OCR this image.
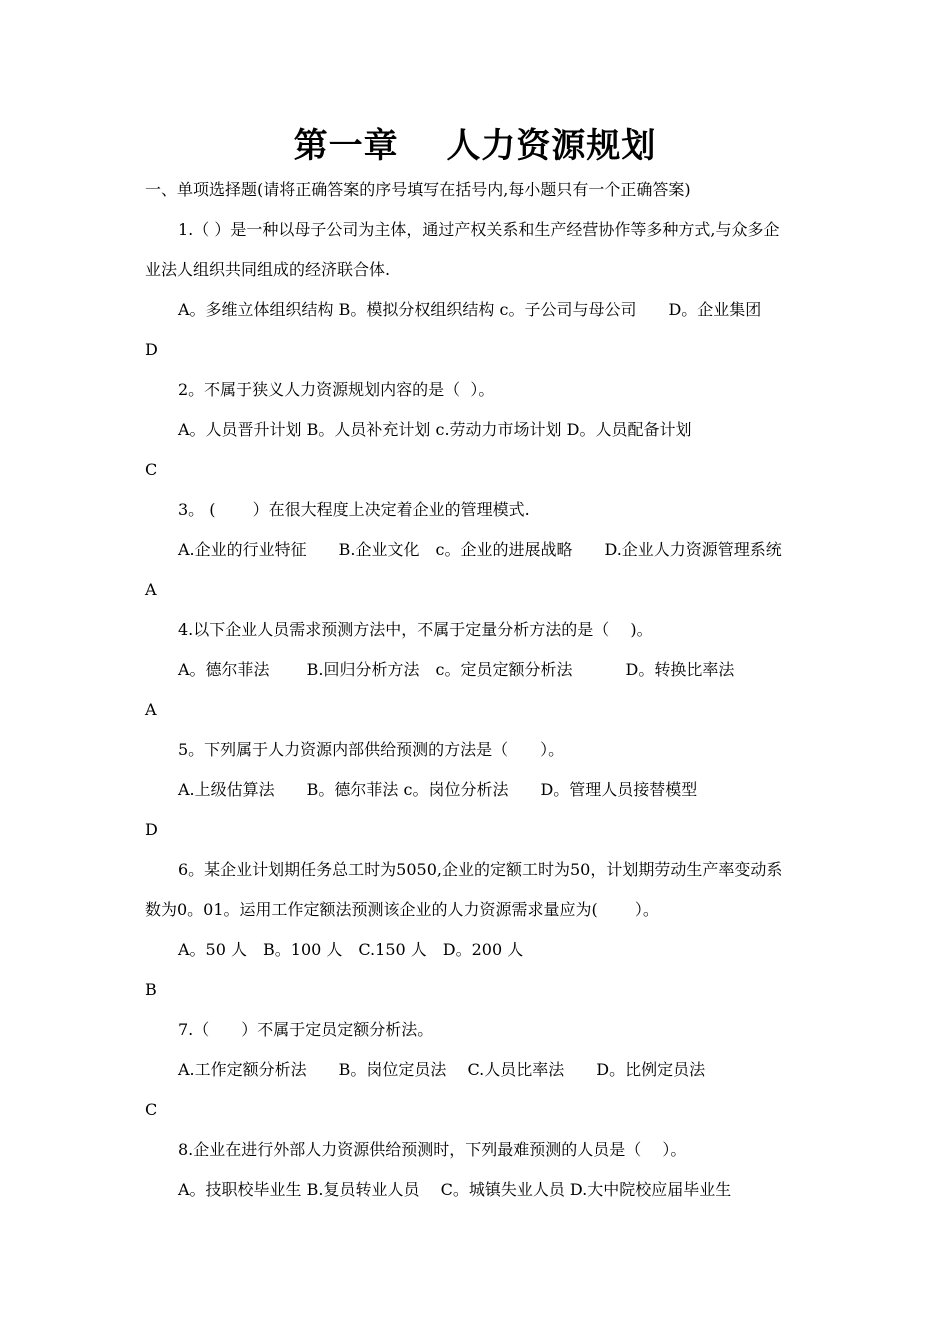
第一章　 人力资源规划
一、单项选择题(请将正确答案的序号填写在括号内,每小题只有一个正确答案)
1.（ ）是一种以母子公司为主体，通过产权关系和生产经营协作等多种方式,与众多企
业法人组织共同组成的经济联合体.
A。多维立体组织结构 B。模拟分权组织结构 c。子公司与母公司　　D。企业集团
D
2。不属于狭义人力资源规划内容的是（  ）。
A。人员晋升计划 B。人员补充计划 c.劳动力市场计划 D。人员配备计划
C
3。 (　　 ）在很大程度上决定着企业的管理模式.
A.企业的行业特征　　B.企业文化　c。企业的进展战略　　D.企业人力资源管理系统
A
4.以下企业人员需求预测方法中，不属于定量分析方法的是（　 )。
A。德尔菲法　　 B.回归分析方法　c。定员定额分析法　　　 D。转换比率法
A
5。下列属于人力资源内部供给预测的方法是（　　）。
A.上级估算法　　B。德尔菲法 c。岗位分析法　　D。管理人员接替模型
D
6。某企业计划期任务总工时为5050,企业的定额工时为50，计划期劳动生产率变动系
数为0。01。运用工作定额法预测该企业的人力资源需求量应为(　　 ）。
A。50 人　B。100 人　C.150 人　D。200 人
B
7.（　　）不属于定员定额分析法。
A.工作定额分析法　　B。岗位定员法　 C.人员比率法　　D。比例定员法
C
8.企业在进行外部人力资源供给预测时，下列最难预测的人员是（　 ）。
A。技职校毕业生 B.复员转业人员　 C。城镇失业人员 D.大中院校应届毕业生
